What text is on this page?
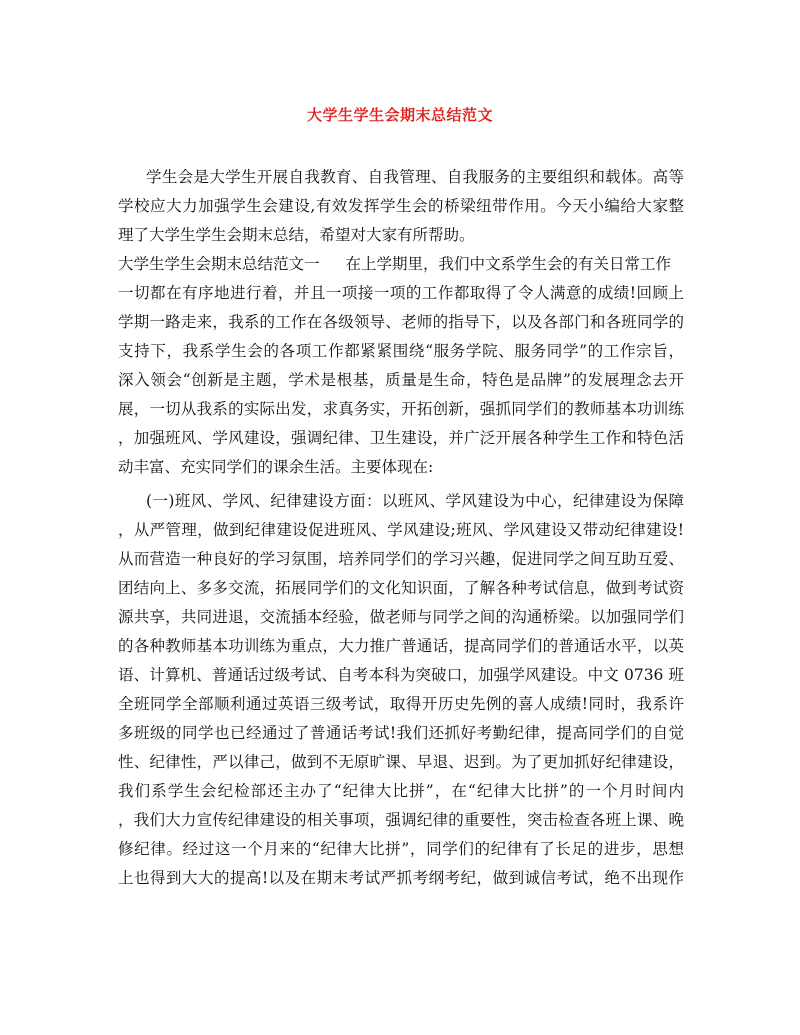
大学生学生会期末总结范文
学生会是大学生开展自我教育、自我管理、自我服务的主要组织和载体。高等
学校应大力加强学生会建设,有效发挥学生会的桥梁纽带作用。今天小编给大家整
理了大学生学生会期末总结，希望对大家有所帮助。
大学生学生会期末总结范文一 在上学期里，我们中文系学生会的有关日常工作
一切都在有序地进行着，并且一项接一项的工作都取得了令人满意的成绩!回顾上
学期一路走来，我系的工作在各级领导、老师的指导下，以及各部门和各班同学的
支持下，我系学生会的各项工作都紧紧围绕“服务学院、服务同学”的工作宗旨，
深入领会“创新是主题，学术是根基，质量是生命，特色是品牌”的发展理念去开
展，一切从我系的实际出发，求真务实，开拓创新，强抓同学们的教师基本功训练
，加强班风、学风建设，强调纪律、卫生建设，并广泛开展各种学生工作和特色活
动丰富、充实同学们的课余生活。主要体现在:
(一)班风、学风、纪律建设方面：以班风、学风建设为中心，纪律建设为保障
，从严管理，做到纪律建设促进班风、学风建设;班风、学风建设又带动纪律建设!
从而营造一种良好的学习氛围，培养同学们的学习兴趣，促进同学之间互助互爱、
团结向上、多多交流，拓展同学们的文化知识面，了解各种考试信息，做到考试资
源共享，共同进退，交流插本经验，做老师与同学之间的沟通桥梁。以加强同学们
的各种教师基本功训练为重点，大力推广普通话，提高同学们的普通话水平，以英
语、计算机、普通话过级考试、自考本科为突破口，加强学风建设。中文 0736 班
全班同学全部顺利通过英语三级考试，取得开历史先例的喜人成绩!同时，我系许
多班级的同学也已经通过了普通话考试!我们还抓好考勤纪律，提高同学们的自觉
性、纪律性，严以律己，做到不无原旷课、早退、迟到。为了更加抓好纪律建设，
我们系学生会纪检部还主办了“纪律大比拼”，在“纪律大比拼”的一个月时间内
，我们大力宣传纪律建设的相关事项，强调纪律的重要性，突击检查各班上课、晚
修纪律。经过这一个月来的“纪律大比拼”，同学们的纪律有了长足的进步，思想
上也得到大大的提高!以及在期末考试严抓考纲考纪，做到诚信考试，绝不出现作
